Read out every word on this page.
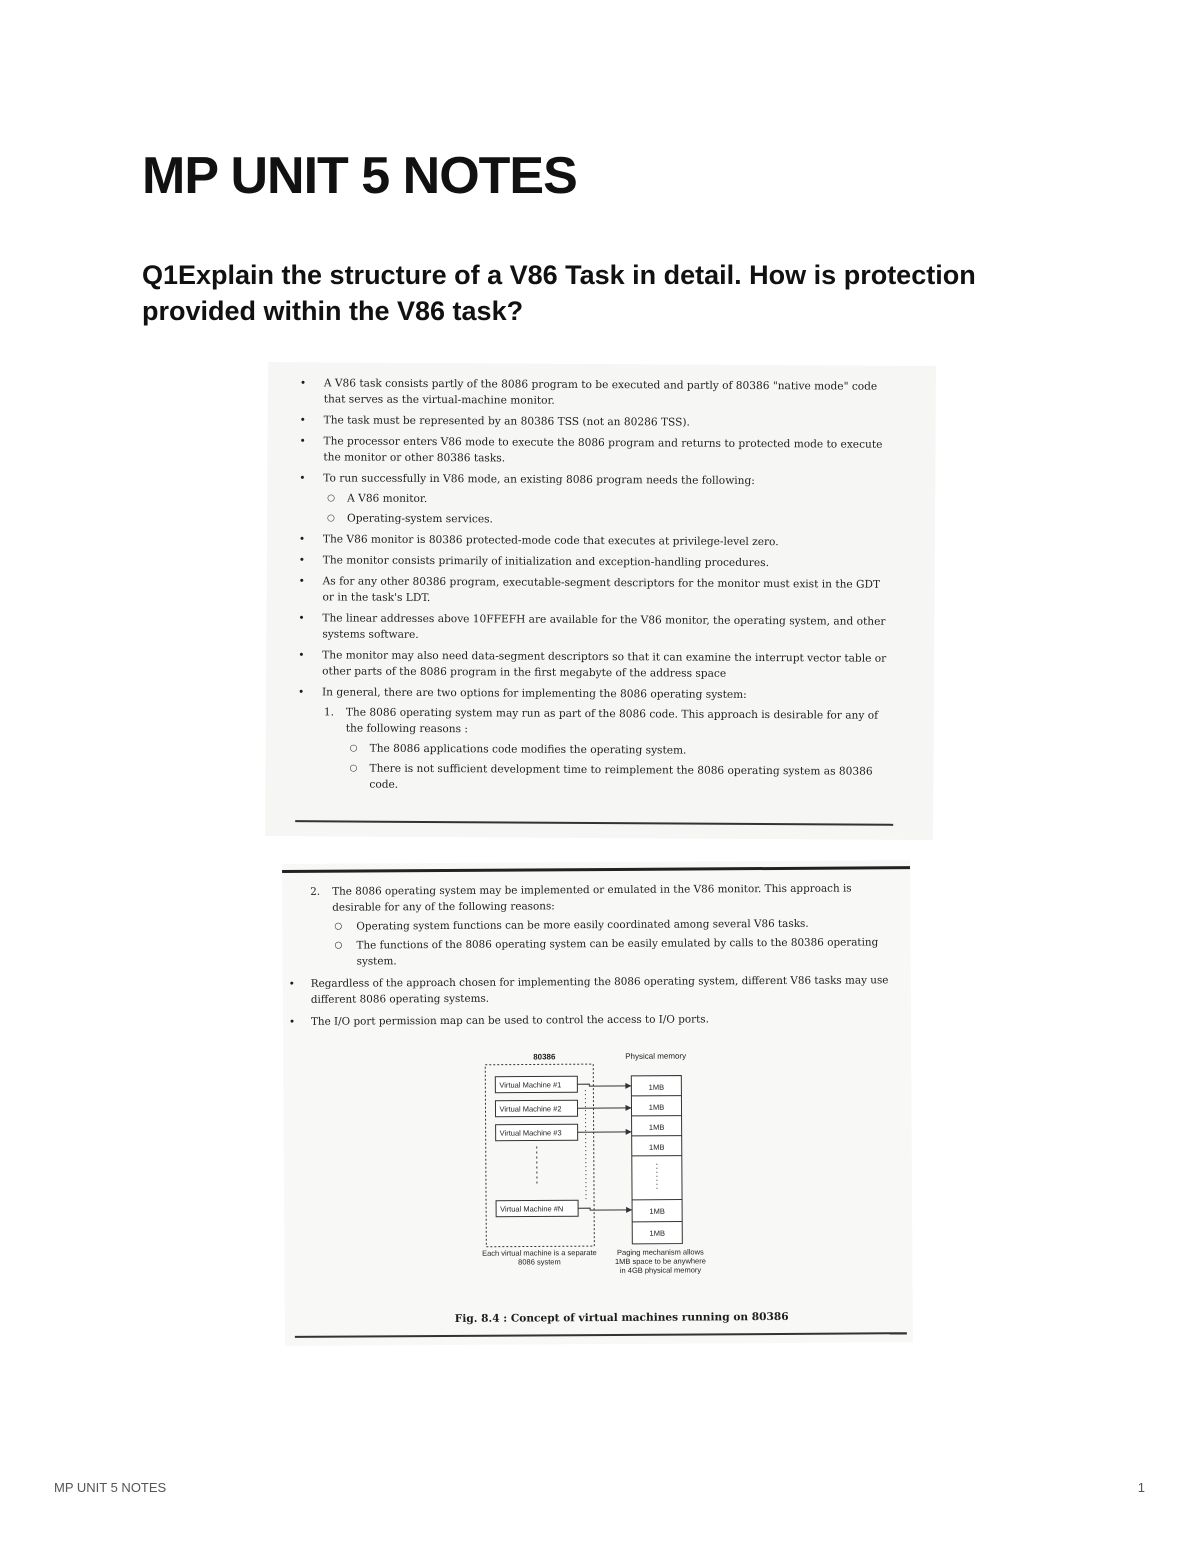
MP UNIT 5 NOTES
Q1Explain the structure of a V86 Task in detail. How is protection provided within the V86 task?
• A V86 task consists partly of the 8086 program to be executed and partly of 80386 "native mode" code that serves as the virtual-machine monitor.
• The task must be represented by an 80386 TSS (not an 80286 TSS).
• The processor enters V86 mode to execute the 8086 program and returns to protected mode to execute the monitor or other 80386 tasks.
• To run successfully in V86 mode, an existing 8086 program needs the following:
○ A V86 monitor.
○ Operating-system services.
• The V86 monitor is 80386 protected-mode code that executes at privilege-level zero.
• The monitor consists primarily of initialization and exception-handling procedures.
• As for any other 80386 program, executable-segment descriptors for the monitor must exist in the GDT or in the task's LDT.
• The linear addresses above 10FFEFH are available for the V86 monitor, the operating system, and other systems software.
• The monitor may also need data-segment descriptors so that it can examine the interrupt vector table or other parts of the 8086 program in the first megabyte of the address space
• In general, there are two options for implementing the 8086 operating system:
1. The 8086 operating system may run as part of the 8086 code. This approach is desirable for any of the following reasons :
○ The 8086 applications code modifies the operating system.
○ There is not sufficient development time to reimplement the 8086 operating system as 80386 code.
2. The 8086 operating system may be implemented or emulated in the V86 monitor. This approach is desirable for any of the following reasons:
○ Operating system functions can be more easily coordinated among several V86 tasks.
○ The functions of the 8086 operating system can be easily emulated by calls to the 80386 operating system.
• Regardless of the approach chosen for implementing the 8086 operating system, different V86 tasks may use different 8086 operating systems.
• The I/O port permission map can be used to control the access to I/O ports.
80386	Physical memory
Virtual Machine #1
Virtual Machine #2
Virtual Machine #3
Virtual Machine #N
1MB
1MB
1MB
1MB
1MB
1MB
Each virtual machine is a separate 8086 system
Paging mechanism allows 1MB space to be anywhere in 4GB physical memory
Fig. 8.4 : Concept of virtual machines running on 80386
MP UNIT 5 NOTES	1
